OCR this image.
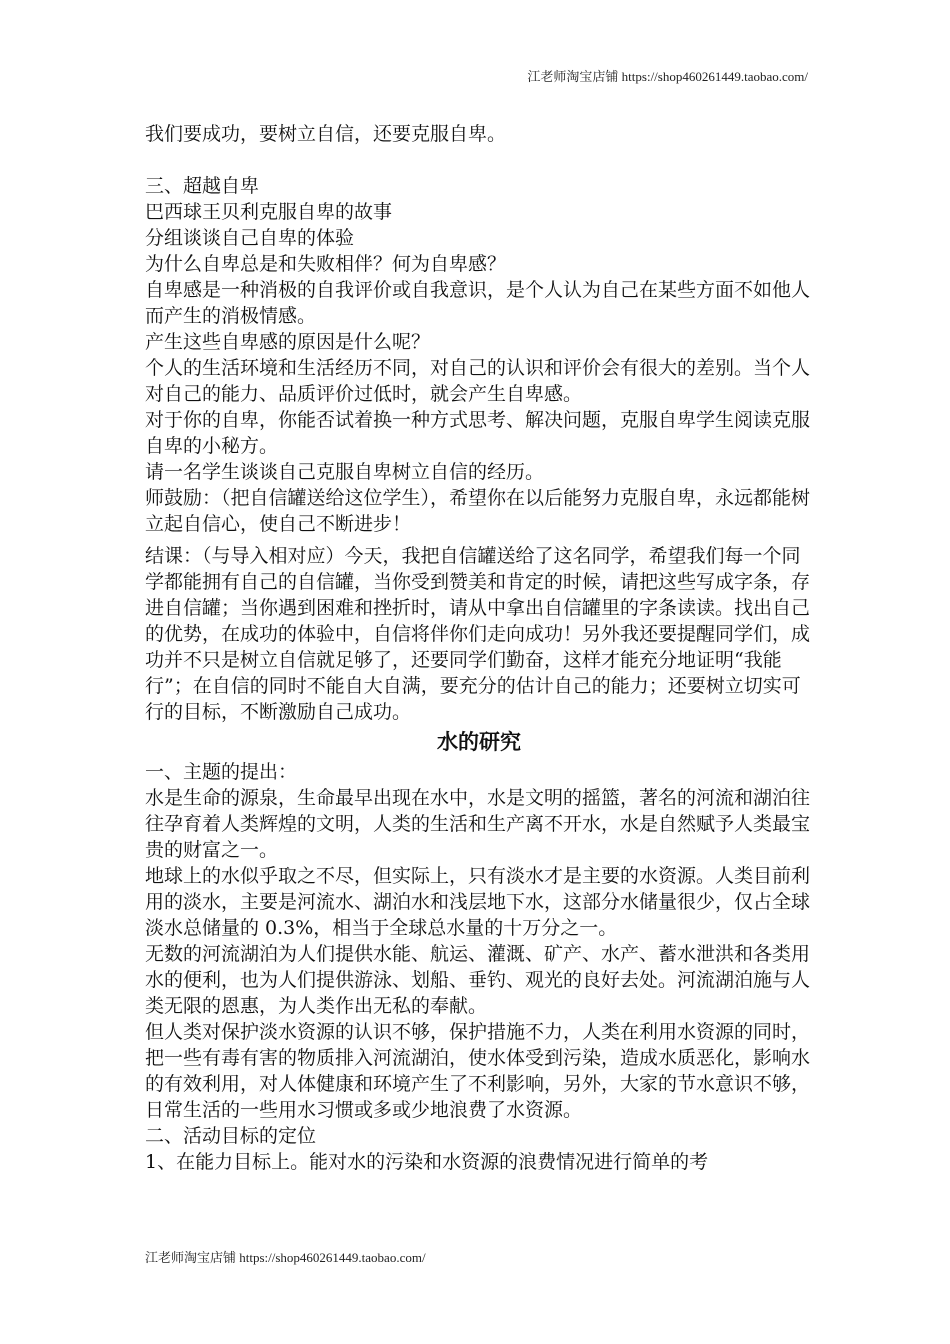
江老师淘宝店铺 https://shop460261449.taobao.com/

我们要成功，要树立自信，还要克服自卑。

三、超越自卑

巴西球王贝利克服自卑的故事

分组谈谈自己自卑的体验

为什么自卑总是和失败相伴？何为自卑感？

自卑感是一种消极的自我评价或自我意识，是个人认为自己在某些方面不如他人而产生的消极情感。

产生这些自卑感的原因是什么呢？

个人的生活环境和生活经历不同，对自己的认识和评价会有很大的差别。当个人对自己的能力、品质评价过低时，就会产生自卑感。

对于你的自卑，你能否试着换一种方式思考、解决问题，克服自卑学生阅读克服自卑的小秘方。

请一名学生谈谈自己克服自卑树立自信的经历。

师鼓励：（把自信罐送给这位学生），希望你在以后能努力克服自卑，永远都能树立起自信心，使自己不断进步！

结课：（与导入相对应）今天，我把自信罐送给了这名同学，希望我们每一个同学都能拥有自己的自信罐，当你受到赞美和肯定的时候，请把这些写成字条，存进自信罐；当你遇到困难和挫折时，请从中拿出自信罐里的字条读读。找出自己的优势，在成功的体验中，自信将伴你们走向成功！另外我还要提醒同学们，成功并不只是树立自信就足够了，还要同学们勤奋，这样才能充分地证明“我能行”；在自信的同时不能自大自满，要充分的估计自己的能力；还要树立切实可行的目标，不断激励自己成功。

水的研究

一、主题的提出：

水是生命的源泉，生命最早出现在水中，水是文明的摇篮，著名的河流和湖泊往往孕育着人类辉煌的文明，人类的生活和生产离不开水，水是自然赋予人类最宝贵的财富之一。

地球上的水似乎取之不尽，但实际上，只有淡水才是主要的水资源。人类目前利用的淡水，主要是河流水、湖泊水和浅层地下水，这部分水储量很少，仅占全球淡水总储量的 0.3%，相当于全球总水量的十万分之一。

无数的河流湖泊为人们提供水能、航运、灌溉、矿产、水产、蓄水泄洪和各类用水的便利，也为人们提供游泳、划船、垂钓、观光的良好去处。河流湖泊施与人类无限的恩惠，为人类作出无私的奉献。

但人类对保护淡水资源的认识不够，保护措施不力，人类在利用水资源的同时，把一些有毒有害的物质排入河流湖泊，使水体受到污染，造成水质恶化，影响水的有效利用，对人体健康和环境产生了不利影响，另外，大家的节水意识不够，日常生活的一些用水习惯或多或少地浪费了水资源。

二、活动目标的定位

1、在能力目标上。能对水的污染和水资源的浪费情况进行简单的考

江老师淘宝店铺 https://shop460261449.taobao.com/
